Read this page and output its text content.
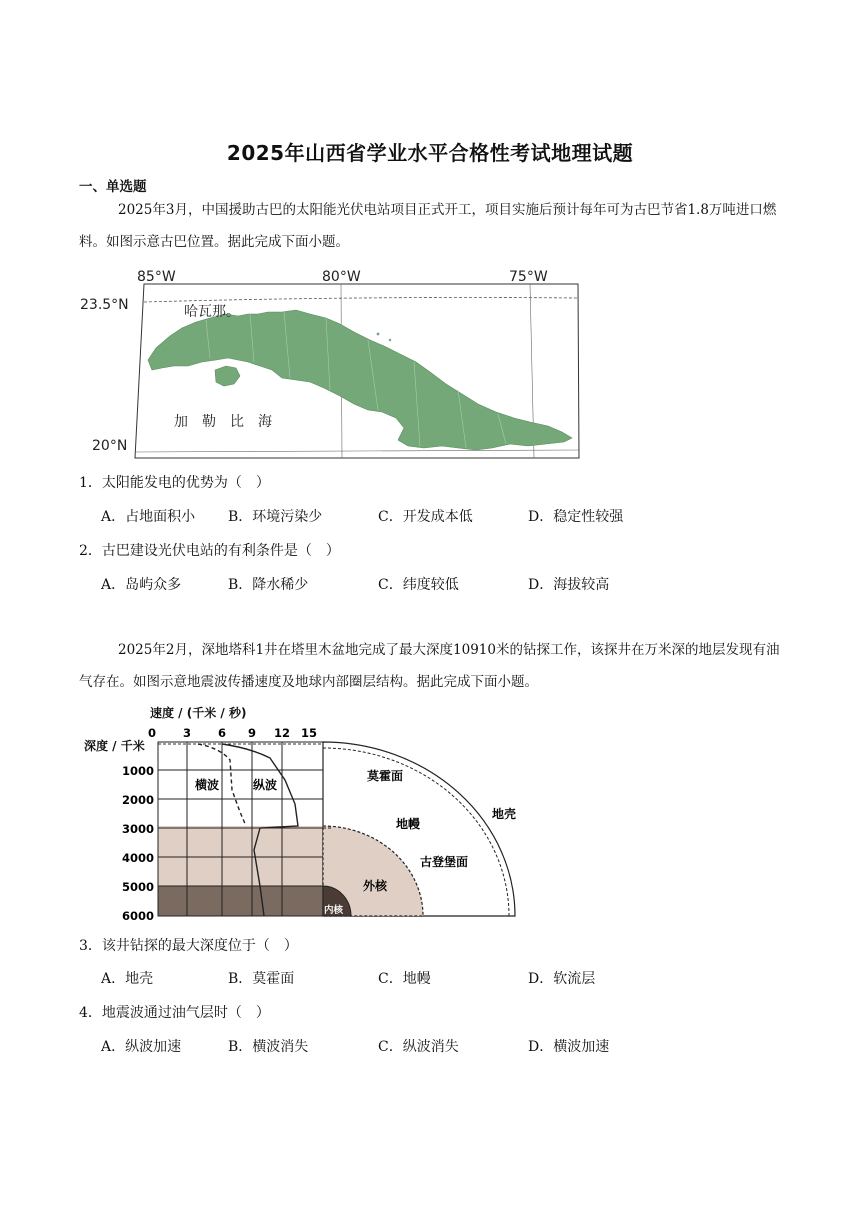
2025年山西省学业水平合格性考试地理试题
一、单选题
2025年3月，中国援助古巴的太阳能光伏电站项目正式开工，项目实施后预计每年可为古巴节省1.8万吨进口燃料。如图示意古巴位置。据此完成下面小题。
85°W	80°W	75°W
23.5°N
20°N
哈瓦那。
加　勒　比　海
1．太阳能发电的优势为（　）
A．占地面积小 B．环境污染少	C．开发成本低	D．稳定性较强
2．古巴建设光伏电站的有利条件是（　）
A．岛屿众多	B．降水稀少	C．纬度较低	D．海拔较高
2025年2月，深地塔科1井在塔里木盆地完成了最大深度10910米的钻探工作，该探井在万米深的地层发现有油气存在。如图示意地震波传播速度及地球内部圈层结构。据此完成下面小题。
速度 / (千米 / 秒)
深度 / 千米
0 3 6 9 12 15
1000
2000
3000
4000
5000
6000
横波	纵波
莫霍面
地壳
地幔
古登堡面
外核
内核
3．该井钻探的最大深度位于（　）
A．地壳	B．莫霍面	C．地幔	D．软流层
4．地震波通过油气层时（　）
A．纵波加速	B．横波消失	C．纵波消失	D．横波加速
